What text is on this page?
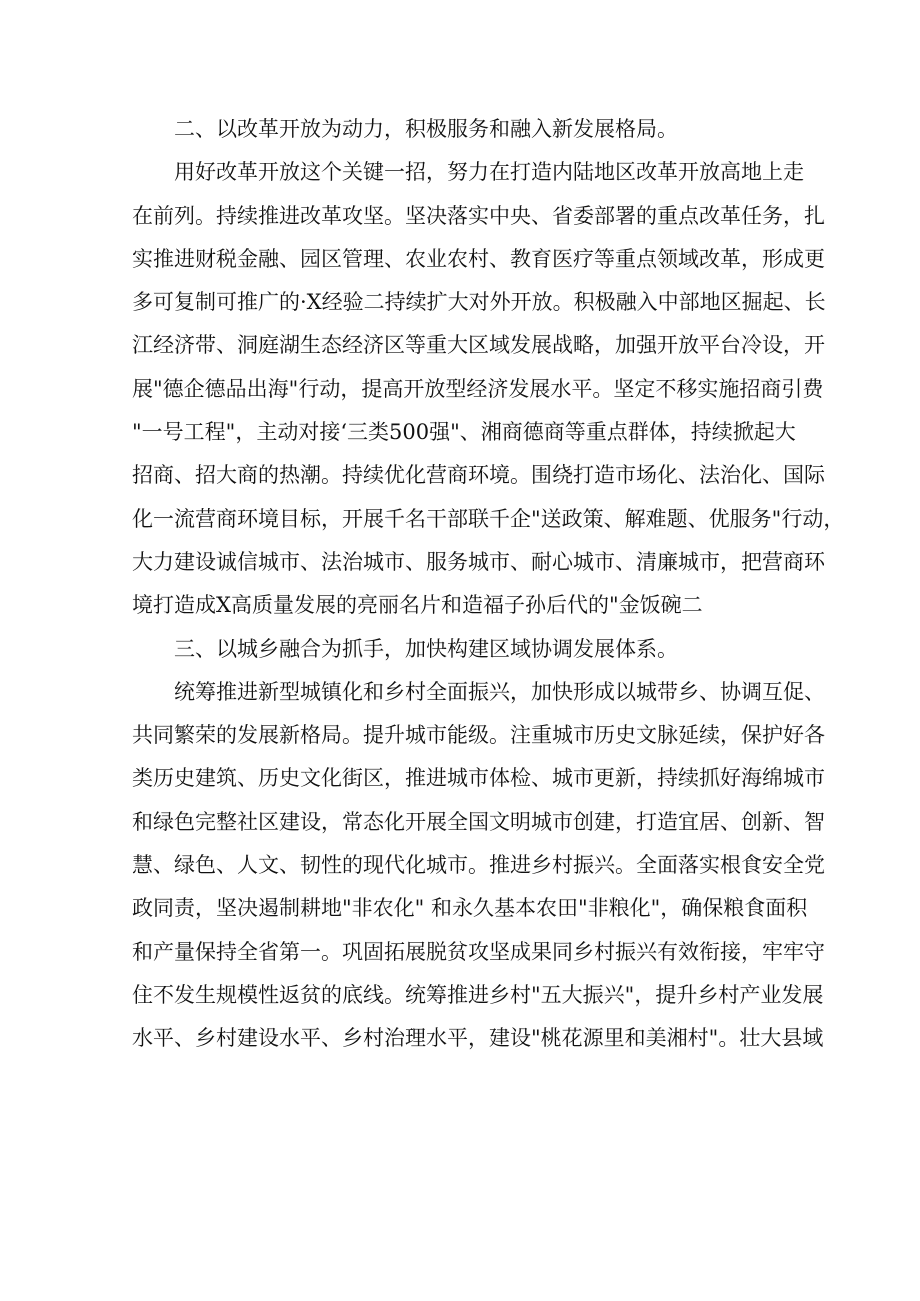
二、以改革开放为动力，积极服务和融入新发展格局。
用好改革开放这个关键一招，努力在打造内陆地区改革开放高地上走
在前列。持续推进改革攻坚。坚决落实中央、省委部署的重点改革任务，扎
实推进财税金融、园区管理、农业农村、教育医疗等重点领域改革，形成更
多可复制可推广的·X经验二持续扩大对外开放。积极融入中部地区掘起、长
江经济带、洞庭湖生态经济区等重大区域发展战略，加强开放平台冷设，开
展"德企德品出海"行动，提高开放型经济发展水平。坚定不移实施招商引费
"一号工程"，主动对接‘三类500强"、湘商德商等重点群体，持续掀起大
招商、招大商的热潮。持续优化营商环境。围绕打造市场化、法治化、国际
化一流营商环境目标，开展千名干部联千企"送政策、解难题、优服务"行动，
大力建设诚信城市、法治城市、服务城市、耐心城市、清廉城市，把营商环
境打造成X高质量发展的亮丽名片和造福子孙后代的"金饭碗二
三、以城乡融合为抓手，加快构建区域协调发展体系。
统筹推进新型城镇化和乡村全面振兴，加快形成以城带乡、协调互促、
共同繁荣的发展新格局。提升城市能级。注重城市历史文脉延续，保护好各
类历史建筑、历史文化街区，推进城市体检、城市更新，持续抓好海绵城市
和绿色完整社区建设，常态化开展全国文明城市创建，打造宜居、创新、智
慧、绿色、人文、韧性的现代化城市。推进乡村振兴。全面落实根食安全党
政同责，坚决遏制耕地"非农化" 和永久基本农田"非粮化"，确保粮食面积
和产量保持全省第一。巩固拓展脱贫攻坚成果同乡村振兴有效衔接，牢牢守
住不发生规模性返贫的底线。统筹推进乡村"五大振兴"，提升乡村产业发展
水平、乡村建设水平、乡村治理水平，建设"桃花源里和美湘村"。壮大县域
